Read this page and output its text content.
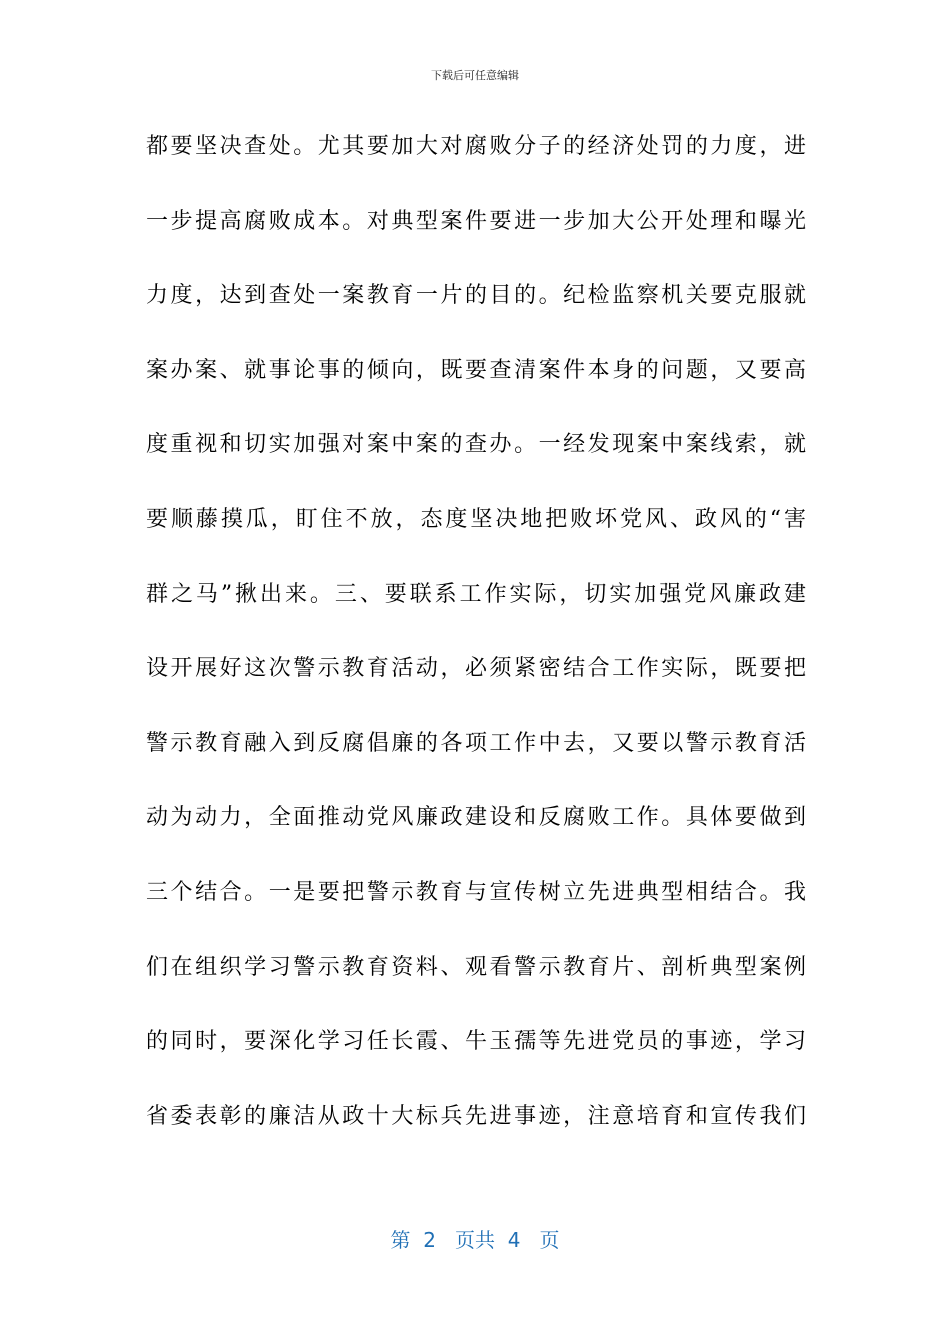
下载后可任意编辑
都要坚决查处。尤其要加大对腐败分子的经济处罚的力度，进
一步提高腐败成本。对典型案件要进一步加大公开处理和曝光
力度，达到查处一案教育一片的目的。纪检监察机关要克服就
案办案、就事论事的倾向，既要查清案件本身的问题，又要高
度重视和切实加强对案中案的查办。一经发现案中案线索，就
要顺藤摸瓜，盯住不放，态度坚决地把败坏党风、政风的“害
群之马”揪出来。三、要联系工作实际，切实加强党风廉政建
设开展好这次警示教育活动，必须紧密结合工作实际，既要把
警示教育融入到反腐倡廉的各项工作中去，又要以警示教育活
动为动力，全面推动党风廉政建设和反腐败工作。具体要做到
三个结合。一是要把警示教育与宣传树立先进典型相结合。我
们在组织学习警示教育资料、观看警示教育片、剖析典型案例
的同时，要深化学习任长霞、牛玉孺等先进党员的事迹，学习
省委表彰的廉洁从政十大标兵先进事迹，注意培育和宣传我们
第  2   页共  4   页
